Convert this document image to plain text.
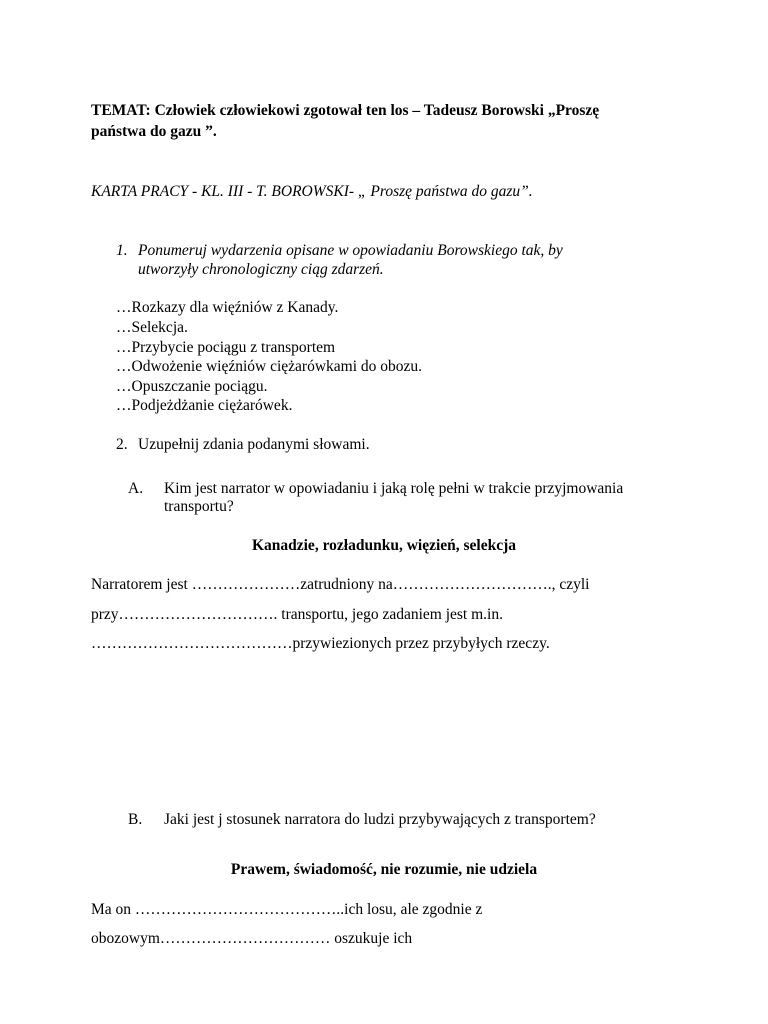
TEMAT: Człowiek człowiekowi zgotował ten los – Tadeusz Borowski „Proszę
państwa do gazu ”.
KARTA PRACY - KL. III - T. BOROWSKI- „ Proszę państwa do gazu”.
1. Ponumeruj wydarzenia opisane w opowiadaniu Borowskiego tak, by
utworzyły chronologiczny ciąg zdarzeń.
…Rozkazy dla więźniów z Kanady.
…Selekcja.
…Przybycie pociągu z transportem
…Odwożenie więźniów ciężarówkami do obozu.
…Opuszczanie pociągu.
…Podjeżdżanie ciężarówek.
2. Uzupełnij zdania podanymi słowami.
A. Kim jest narrator w opowiadaniu i jaką rolę pełni w trakcie przyjmowania
transportu?
Kanadzie, rozładunku, więzień, selekcja
Narratorem jest …………………zatrudniony na…………………………., czyli
przy…………………………. transportu, jego zadaniem jest m.in.
…………………………………przywiezionych przez przybyłych rzeczy.
B. Jaki jest j stosunek narratora do ludzi przybywających z transportem?
Prawem, świadomość, nie rozumie, nie udziela
Ma on …………………………………..ich losu, ale zgodnie z
obozowym…………………………… oszukuje ich
